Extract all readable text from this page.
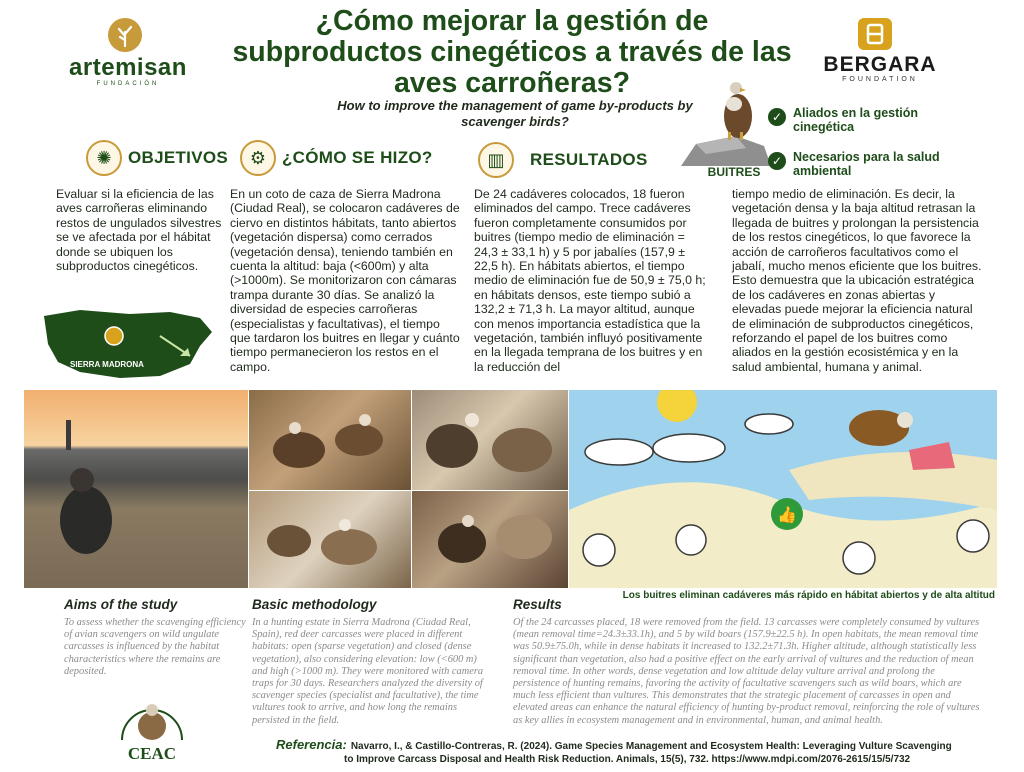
artemisan
FUNDACIÓN
¿Cómo mejorar la gestión de subproductos cinegéticos a través de las aves carroñeras?
How to improve the management of game by-products by scavenger birds?
BERGARA
FOUNDATION
BUITRES
✓ Aliados en la gestión cinegética
✓ Necesarios para la salud ambiental
✺ OBJETIVOS
Evaluar si la eficiencia de las aves carroñeras eliminando restos de ungulados silvestres se ve afectada por el hábitat donde se ubiquen los subproductos cinegéticos.
SIERRA MADRONA
⚙ ¿CÓMO SE HIZO?
En un coto de caza de Sierra Madrona (Ciudad Real), se colocaron cadáveres de ciervo en distintos hábitats, tanto abiertos (vegetación dispersa) como cerrados (vegetación densa), teniendo también en cuenta la altitud: baja (<600m) y alta (>1000m). Se monitorizaron con cámaras trampa durante 30 días. Se analizó la diversidad de especies carroñeras (especialistas y facultativas), el tiempo que tardaron los buitres en llegar y cuánto tiempo permanecieron los restos en el campo.
▥	RESULTADOS
De 24 cadáveres colocados, 18 fueron eliminados del campo. Trece cadáveres fueron completamente consumidos por buitres (tiempo medio de eliminación = 24,3 ± 33,1 h) y 5 por jabalíes (157,9 ± 22,5 h). En hábitats abiertos, el tiempo medio de eliminación fue de 50,9 ± 75,0 h; en hábitats densos, este tiempo subió a 132,2 ± 71,3 h. La mayor altitud, aunque con menos importancia estadística que la vegetación, también influyó positivamente en la llegada temprana de los buitres y en la reducción del
tiempo medio de eliminación. Es decir, la vegetación densa y la baja altitud retrasan la llegada de buitres y prolongan la persistencia de los restos cinegéticos, lo que favorece la acción de carroñeros facultativos como el jabalí, mucho menos eficiente que los buitres. Esto demuestra que la ubicación estratégica de los cadáveres en zonas abiertas y elevadas puede mejorar la eficiencia natural de eliminación de subproductos cinegéticos, reforzando el papel de los buitres como aliados en la gestión ecosistémica y en la salud ambiental, humana y animal.
👍
Los buitres eliminan cadáveres más rápido en hábitat abiertos y de alta altitud
Aims of the study
To assess whether the scavenging efficiency of avian scavengers on wild ungulate carcasses is influenced by the habitat characteristics where the remains are deposited.
Basic methodology
In a hunting estate in Sierra Madrona (Ciudad Real, Spain), red deer carcasses were placed in different habitats: open (sparse vegetation) and closed (dense vegetation), also considering elevation: low (<600 m) and high (>1000 m). They were monitored with camera traps for 30 days. Researchers analyzed the diversity of scavenger species (specialist and facultative), the time vultures took to arrive, and how long the remains persisted in the field.
Results
Of the 24 carcasses placed, 18 were removed from the field. 13 carcasses were completely consumed by vultures (mean removal time=24.3±33.1h), and 5 by wild boars (157.9±22.5 h). In open habitats, the mean removal time was 50.9±75.0h, while in dense habitats it increased to 132.2±71.3h. Higher altitude, although statistically less significant than vegetation, also had a positive effect on the early arrival of vultures and the reduction of mean removal time. In other words, dense vegetation and low altitude delay vulture arrival and prolong the persistence of hunting remains, favoring the activity of facultative scavengers such as wild boars, which are much less efficient than vultures. This demonstrates that the strategic placement of carcasses in open and elevated areas can enhance the natural efficiency of hunting by-product removal, reinforcing the role of vultures as key allies in ecosystem management and in environmental, human, and animal health.
CEAC	Referencia: Navarro, I., & Castillo-Contreras, R. (2024). Game Species Management and Ecosystem Health: Leveraging Vulture Scavenging
to Improve Carcass Disposal and Health Risk Reduction. Animals, 15(5), 732. https://www.mdpi.com/2076-2615/15/5/732
